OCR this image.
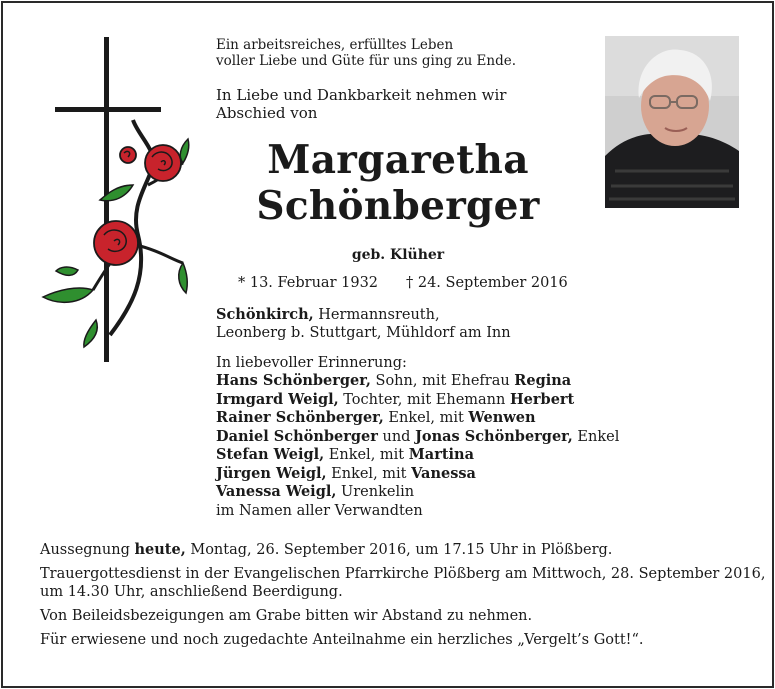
Ein arbeitsreiches, erfülltes Leben
voller Liebe und Güte für uns ging zu Ende.
In Liebe und Dankbarkeit nehmen wir
Abschied von
Margaretha
Schönberger
geb. Klüher
* 13. Februar 1932 † 24. September 2016
Schönkirch, Hermannsreuth,
Leonberg b. Stuttgart, Mühldorf am Inn
In liebevoller Erinnerung:
Hans Schönberger, Sohn, mit Ehefrau Regina
Irmgard Weigl, Tochter, mit Ehemann Herbert
Rainer Schönberger, Enkel, mit Wenwen
Daniel Schönberger und Jonas Schönberger, Enkel
Stefan Weigl, Enkel, mit Martina
Jürgen Weigl, Enkel, mit Vanessa
Vanessa Weigl, Urenkelin
im Namen aller Verwandten
Aussegnung heute, Montag, 26. September 2016, um 17.15 Uhr in Plößberg.
Trauergottesdienst in der Evangelischen Pfarrkirche Plößberg am Mittwoch, 28. September 2016,
um 14.30 Uhr, anschließend Beerdigung.
Von Beileidsbezeigungen am Grabe bitten wir Abstand zu nehmen.
Für erwiesene und noch zugedachte Anteilnahme ein herzliches „Vergelt’s Gott!“.
